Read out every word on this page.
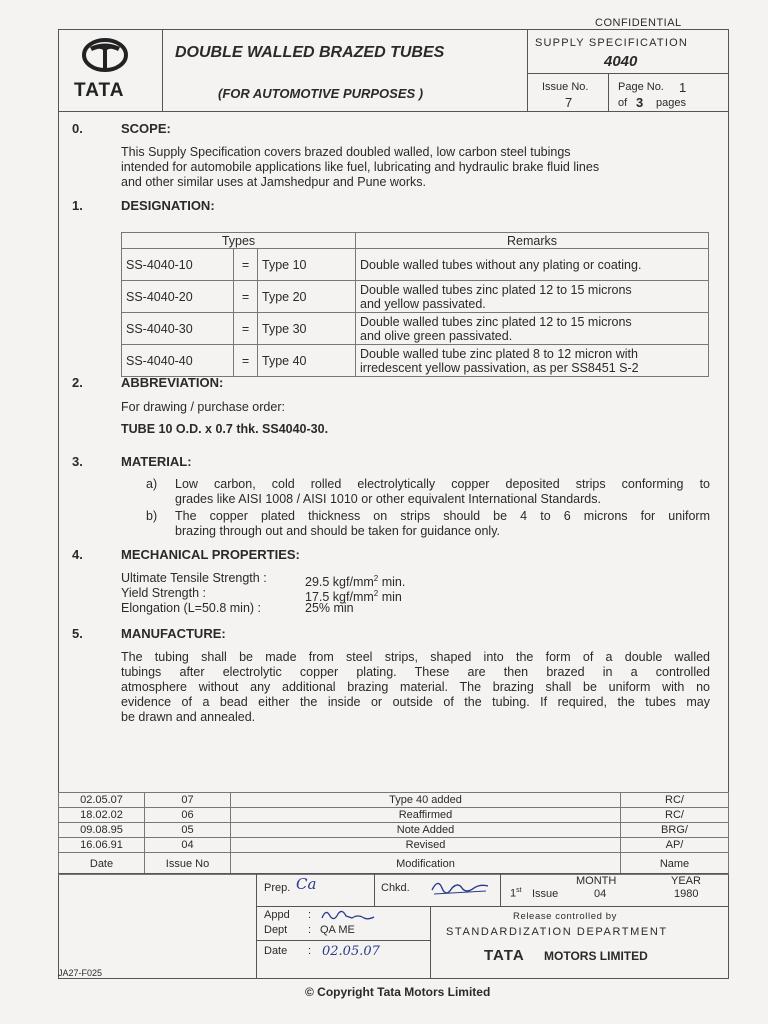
CONFIDENTIAL
TATA
DOUBLE WALLED BRAZED TUBES
(FOR AUTOMOTIVE PURPOSES )
SUPPLY SPECIFICATION
4040
Issue No.
7
Page No. 1
of 3 pages
0.	SCOPE:
This Supply Specification covers brazed doubled walled, low carbon steel tubings
intended for automobile applications like fuel, lubricating and hydraulic brake fluid lines
and other similar uses at Jamshedpur and Pune works.
1.	DESIGNATION:
Types			Remarks
SS-4040-10	=	Type 10	Double walled tubes without any plating or coating.
SS-4040-20	=	Type 20	Double walled tubes zinc plated 12 to 15 microns
and yellow passivated.

SS-4040-30	=	Type 30	Double walled tubes zinc plated 12 to 15 microns
and olive green passivated.

SS-4040-40	=	Type 40	Double walled tube zinc plated 8 to 12 micron with
irredescent yellow passivation, as per SS8451 S-2
2.	ABBREVIATION:
For drawing / purchase order:
TUBE 10 O.D. x 0.7 thk. SS4040-30.
3.	MATERIAL:
a) Low carbon, cold rolled electrolytically copper deposited strips conforming to
grades like AISI 1008 / AISI 1010 or other equivalent International Standards.
b) The copper plated thickness on strips should be 4 to 6 microns for uniform
brazing through out and should be taken for guidance only.
4.	MECHANICAL PROPERTIES:
Ultimate Tensile Strength :	29.5 kgf/$mm^2$ min.
Yield Strength :	17.5 kgf/$mm^2$ min
Elongation (L=50.8 min) :	25% min
5.	MANUFACTURE:
The tubing shall be made from steel strips, shaped into the form of a double walled
tubings after electrolytic copper plating. These are then brazed in a controlled
atmosphere without any additional brazing material. The brazing shall be uniform with no
evidence of a bead either the inside or outside of the tubing. If required, the tubes may
be drawn and annealed.
02.05.07	07	Type 40 added	RC/
18.02.02	06	Reaffirmed	RC/
09.08.95	05	Note Added	BRG/
16.06.91	04	Revised	AP/
Date	Issue No	Modification	Name
Prep. Ca	Chkd.	1st Issue
MONTH
04
YEAR
1980
Appd :
Dept : QA ME
Date : 02.05.07
Release controlled by
STANDARDIZATION DEPARTMENT
TATA MOTORS LIMITED
JA27-F025
© Copyright Tata Motors Limited
